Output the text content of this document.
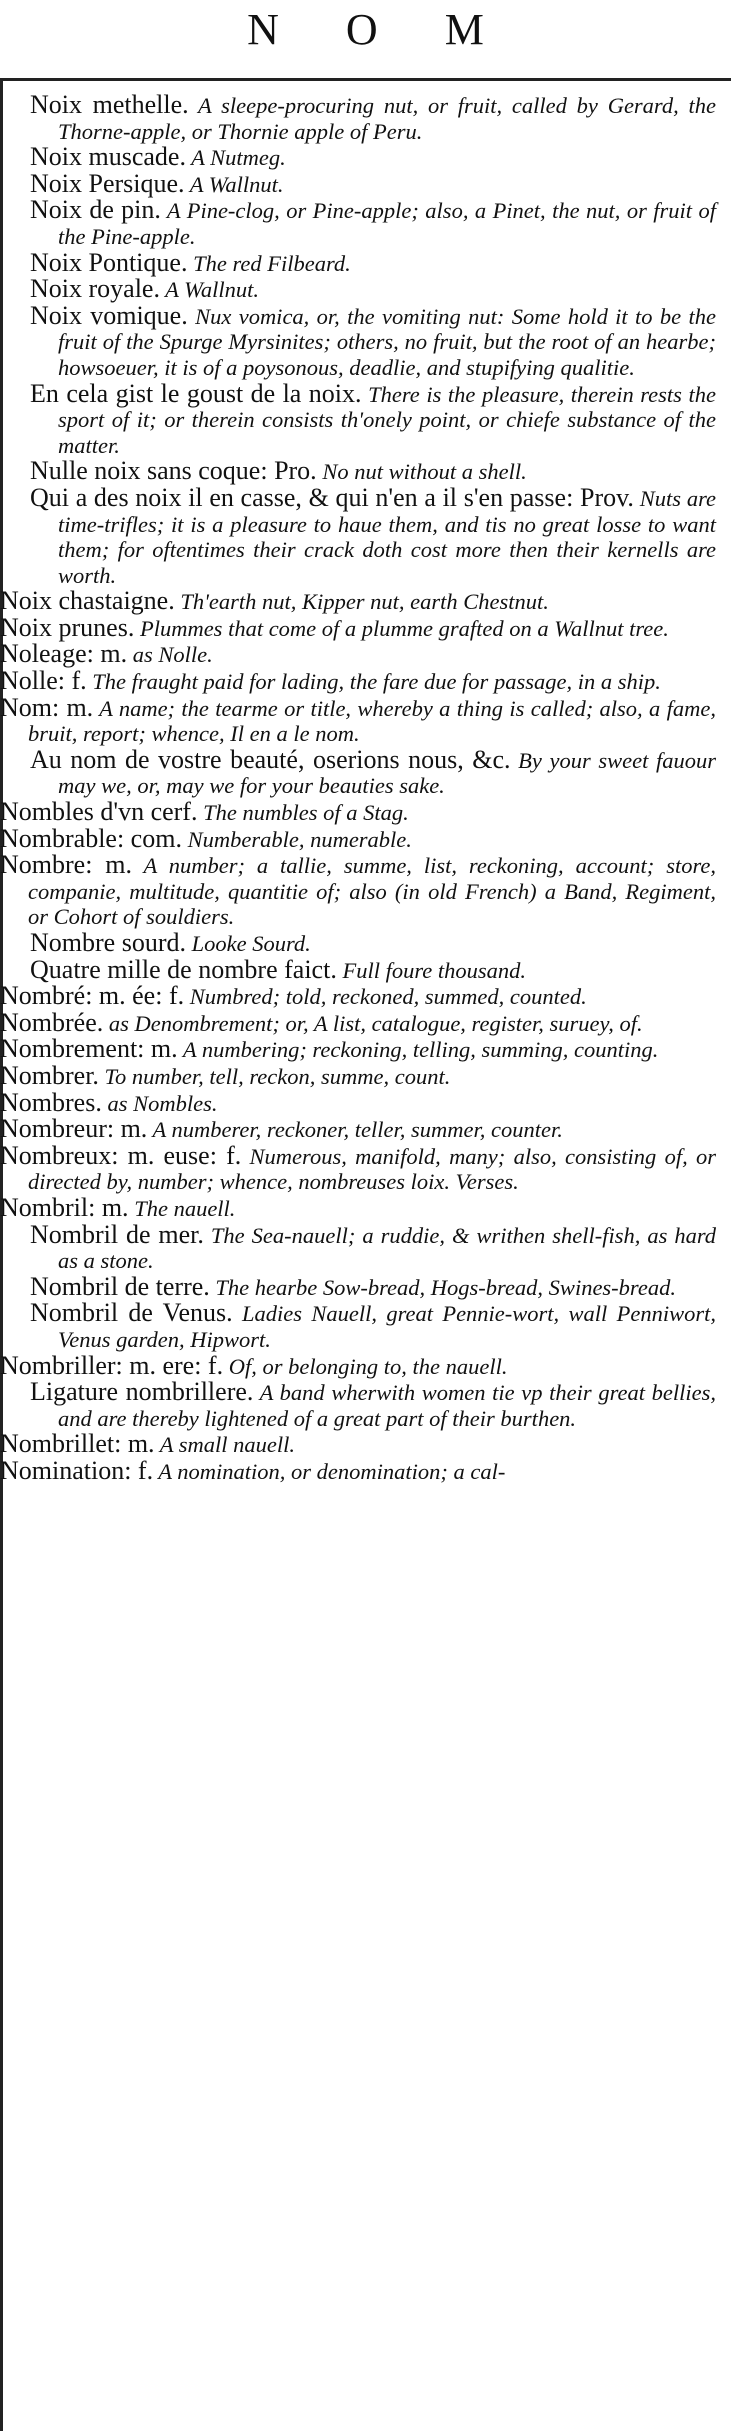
N O M

Noix methelle. A sleepe-procuring nut, or fruit, called by Gerard, the Thorne-apple, or Thornie apple of Peru.

Noix muscade. A Nutmeg.

Noix Persique. A Wallnut.

Noix de pin. A Pine-clog, or Pine-apple; also, a Pinet, the nut, or fruit of the Pine-apple.

Noix Pontique. The red Filbeard.

Noix royale. A Wallnut.

Noix vomique. Nux vomica, or, the vomiting nut: Some hold it to be the fruit of the Spurge Myrsinites; others, no fruit, but the root of an hearbe; howsoeuer, it is of a poysonous, deadlie, and stupifying qualitie.

En cela gist le goust de la noix. There is the pleasure, therein rests the sport of it; or therein consists th'onely point, or chiefe substance of the matter.

Nulle noix sans coque: Pro. No nut without a shell.

Qui a des noix il en casse, & qui n'en a il s'en passe: Prov. Nuts are time-trifles; it is a pleasure to haue them, and tis no great losse to want them; for oftentimes their crack doth cost more then their kernells are worth.

Noix chastaigne. Th'earth nut, Kipper nut, earth Chestnut.

Noix prunes. Plummes that come of a plumme grafted on a Wallnut tree.

Noleage: m. as Nolle.

Nolle: f. The fraught paid for lading, the fare due for passage, in a ship.

Nom: m. A name; the tearme or title, whereby a thing is called; also, a fame, bruit, report; whence, Il en a le nom.

Au nom de vostre beauté, oserions nous, &c. By your sweet fauour may we, or, may we for your beauties sake.

Nombles d'vn cerf. The numbles of a Stag.

Nombrable: com. Numberable, numerable.

Nombre: m. A number; a tallie, summe, list, reckoning, account; store, companie, multitude, quantitie of; also (in old French) a Band, Regiment, or Cohort of souldiers.

Nombre sourd. Looke Sourd.

Quatre mille de nombre faict. Full foure thousand.

Nombré: m. ée: f. Numbred; told, reckoned, summed, counted.

Nombrée. as Denombrement; or, A list, catalogue, register, suruey, of.

Nombrement: m. A numbering; reckoning, telling, summing, counting.

Nombrer. To number, tell, reckon, summe, count.

Nombres. as Nombles.

Nombreur: m. A numberer, reckoner, teller, summer, counter.

Nombreux: m. euse: f. Numerous, manifold, many; also, consisting of, or directed by, number; whence, nombreuses loix. Verses.

Nombril: m. The nauell.

Nombril de mer. The Sea-nauell; a ruddie, & writhen shell-fish, as hard as a stone.

Nombril de terre. The hearbe Sow-bread, Hogs-bread, Swines-bread.

Nombril de Venus. Ladies Nauell, great Pennie-wort, wall Penniwort, Venus garden, Hipwort.

Nombriller: m. ere: f. Of, or belonging to, the nauell.

Ligature nombrillere. A band wherwith women tie vp their great bellies, and are thereby lightened of a great part of their burthen.

Nombrillet: m. A small nauell.

Nomination: f. A nomination, or denomination; a cal-
